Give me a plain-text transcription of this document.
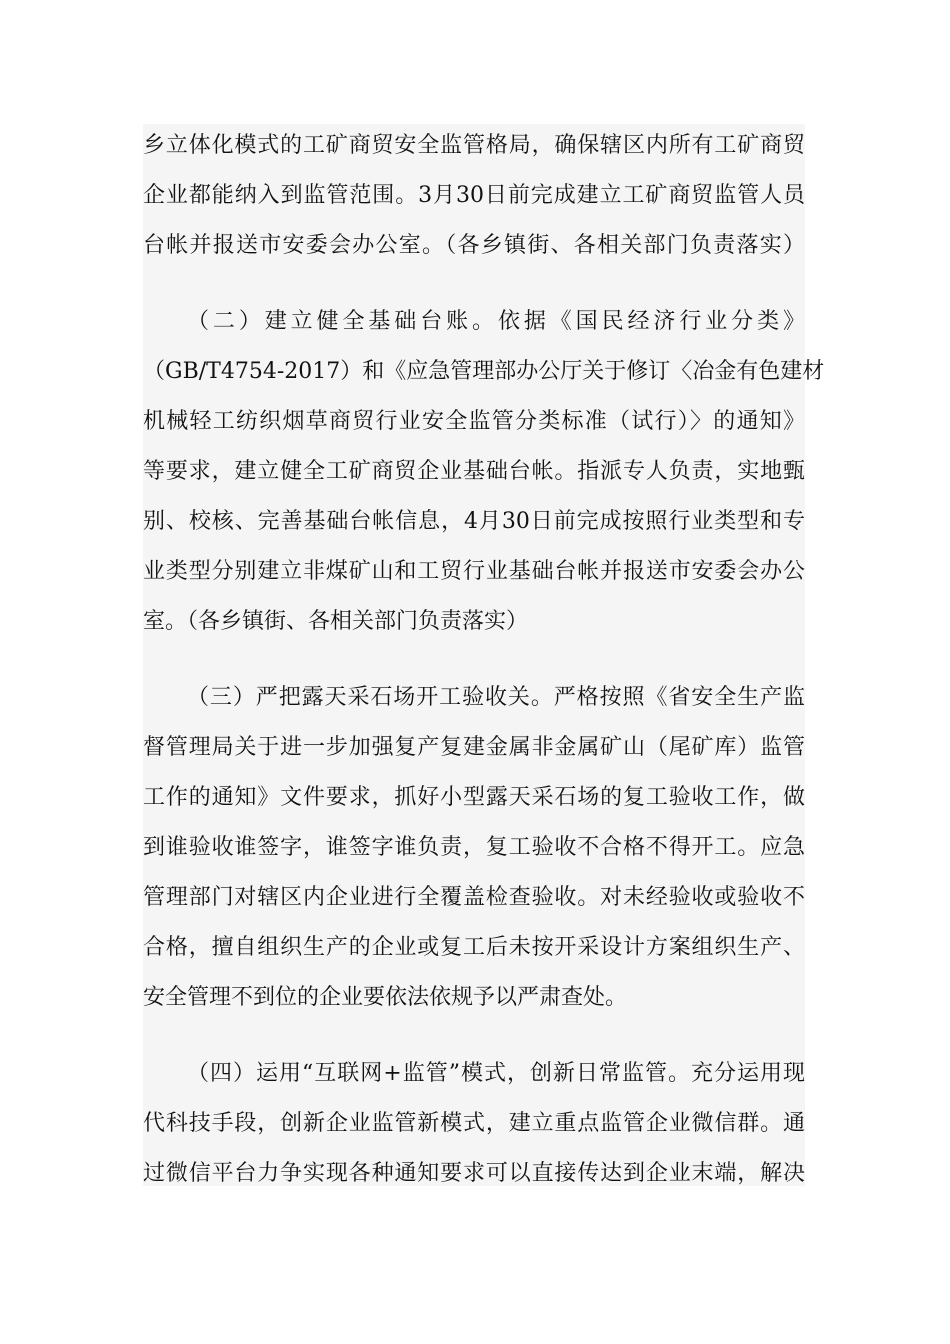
乡立体化模式的工矿商贸安全监管格局，确保辖区内所有工矿商贸
企业都能纳入到监管范围。3月30日前完成建立工矿商贸监管人员
台帐并报送市安委会办公室。（各乡镇街、各相关部门负责落实）
（二）建立健全基础台账。依据《国民经济行业分类》
（GB/T4754-2017）和《应急管理部办公厅关于修订〈冶金有色建材
机械轻工纺织烟草商贸行业安全监管分类标准（试行）〉的通知》
等要求，建立健全工矿商贸企业基础台帐。指派专人负责，实地甄
别、校核、完善基础台帐信息，4月30日前完成按照行业类型和专
业类型分别建立非煤矿山和工贸行业基础台帐并报送市安委会办公
室。（各乡镇街、各相关部门负责落实）
（三）严把露天采石场开工验收关。严格按照《省安全生产监
督管理局关于进一步加强复产复建金属非金属矿山（尾矿库）监管
工作的通知》文件要求，抓好小型露天采石场的复工验收工作，做
到谁验收谁签字，谁签字谁负责，复工验收不合格不得开工。应急
管理部门对辖区内企业进行全覆盖检查验收。对未经验收或验收不
合格，擅自组织生产的企业或复工后未按开采设计方案组织生产、
安全管理不到位的企业要依法依规予以严肃查处。
（四）运用“互联网+监管”模式，创新日常监管。充分运用现
代科技手段，创新企业监管新模式，建立重点监管企业微信群。通
过微信平台力争实现各种通知要求可以直接传达到企业末端，解决
